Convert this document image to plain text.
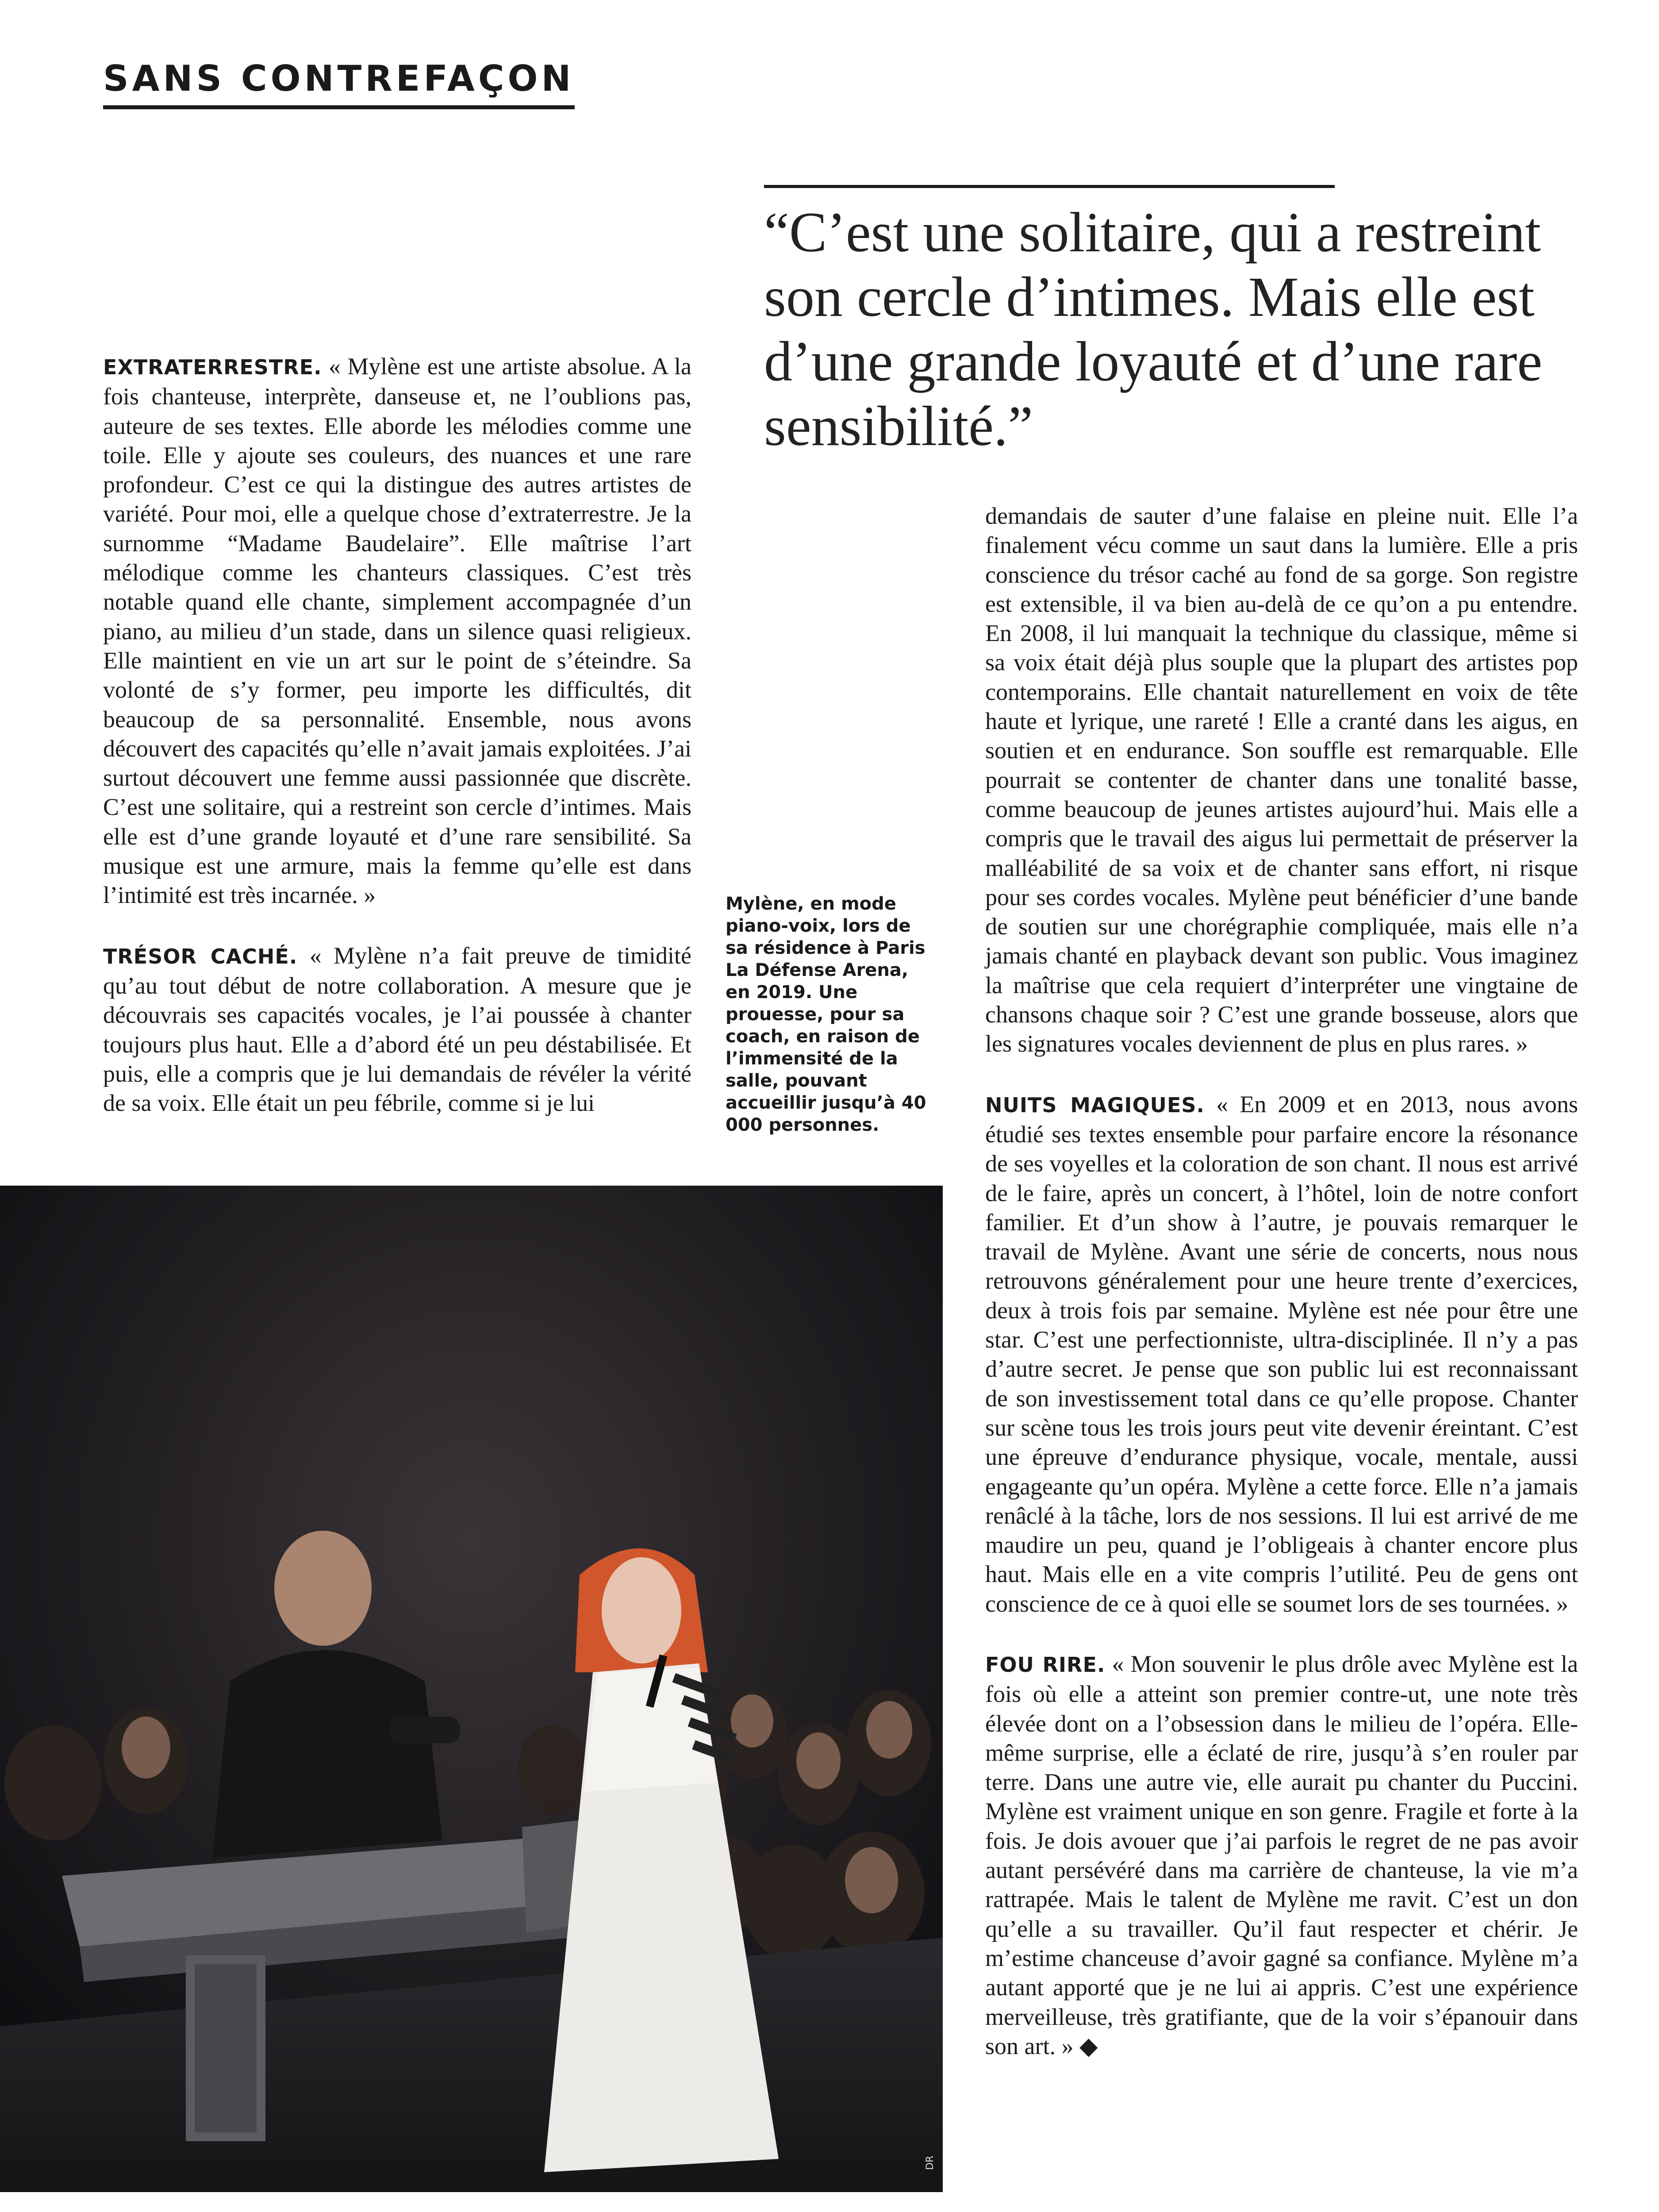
SANS CONTREFAÇON
“C’est une solitaire, qui a restreint son cercle d’intimes. Mais elle est d’une grande loyauté et d’une rare sensibilité.”

EXTRATERRESTRE. « Mylène est une artiste absolue. A la fois chanteuse, interprète, danseuse et, ne l’oublions pas, auteure de ses textes. Elle aborde les mélodies comme une toile. Elle y ajoute ses couleurs, des nuances et une rare profondeur. C’est ce qui la distingue des autres artistes de variété. Pour moi, elle a quelque chose d’extraterrestre. Je la surnomme “Madame Baudelaire”. Elle maîtrise l’art mélodique comme les chanteurs classiques. C’est très notable quand elle chante, simplement accompagnée d’un piano, au milieu d’un stade, dans un silence quasi religieux. Elle maintient en vie un art sur le point de s’éteindre. Sa volonté de s’y former, peu importe les difficultés, dit beaucoup de sa personnalité. Ensemble, nous avons découvert des capacités qu’elle n’avait jamais exploitées. J’ai surtout découvert une femme aussi passionnée que discrète. C’est une solitaire, qui a restreint son cercle d’intimes. Mais elle est d’une grande loyauté et d’une rare sensibilité. Sa musique est une armure, mais la femme qu’elle est dans l’intimité est très incarnée. »

TRÉSOR CACHÉ. « Mylène n’a fait preuve de timidité qu’au tout début de notre collaboration. A mesure que je découvrais ses capacités vocales, je l’ai poussée à chanter toujours plus haut. Elle a d’abord été un peu déstabilisée. Et puis, elle a compris que je lui demandais de révéler la vérité de sa voix. Elle était un peu fébrile, comme si je lui

Mylène, en mode piano-voix, lors de sa résidence à Paris La Défense Arena, en 2019. Une prouesse, pour sa coach, en raison de l’immensité de la salle, pouvant accueillir jusqu’à 40 000 personnes.

demandais de sauter d’une falaise en pleine nuit. Elle l’a finalement vécu comme un saut dans la lumière. Elle a pris conscience du trésor caché au fond de sa gorge. Son registre est extensible, il va bien au-delà de ce qu’on a pu entendre. En 2008, il lui manquait la technique du classique, même si sa voix était déjà plus souple que la plupart des artistes pop contemporains. Elle chantait naturellement en voix de tête haute et lyrique, une rareté ! Elle a cranté dans les aigus, en soutien et en endurance. Son souffle est remarquable. Elle pourrait se contenter de chanter dans une tonalité basse, comme beaucoup de jeunes artistes aujourd’hui. Mais elle a compris que le travail des aigus lui permettait de préserver la malléabilité de sa voix et de chanter sans effort, ni risque pour ses cordes vocales. Mylène peut bénéficier d’une bande de soutien sur une chorégraphie compliquée, mais elle n’a jamais chanté en playback devant son public. Vous imaginez la maîtrise que cela requiert d’interpréter une vingtaine de chansons chaque soir ? C’est une grande bosseuse, alors que les signatures vocales deviennent de plus en plus rares. »

NUITS MAGIQUES. « En 2009 et en 2013, nous avons étudié ses textes ensemble pour parfaire encore la résonance de ses voyelles et la coloration de son chant. Il nous est arrivé de le faire, après un concert, à l’hôtel, loin de notre confort familier. Et d’un show à l’autre, je pouvais remarquer le travail de Mylène. Avant une série de concerts, nous nous retrouvons généralement pour une heure trente d’exercices, deux à trois fois par semaine. Mylène est née pour être une star. C’est une perfectionniste, ultra-disciplinée. Il n’y a pas d’autre secret. Je pense que son public lui est reconnaissant de son investissement total dans ce qu’elle propose. Chanter sur scène tous les trois jours peut vite devenir éreintant. C’est une épreuve d’endurance physique, vocale, mentale, aussi engageante qu’un opéra. Mylène a cette force. Elle n’a jamais renâclé à la tâche, lors de nos sessions. Il lui est arrivé de me maudire un peu, quand je l’obligeais à chanter encore plus haut. Mais elle en a vite compris l’utilité. Peu de gens ont conscience de ce à quoi elle se soumet lors de ses tournées. »

FOU RIRE. « Mon souvenir le plus drôle avec Mylène est la fois où elle a atteint son premier contre-ut, une note très élevée dont on a l’obsession dans le milieu de l’opéra. Elle-même surprise, elle a éclaté de rire, jusqu’à s’en rouler par terre. Dans une autre vie, elle aurait pu chanter du Puccini. Mylène est vraiment unique en son genre. Fragile et forte à la fois. Je dois avouer que j’ai parfois le regret de ne pas avoir autant persévéré dans ma carrière de chanteuse, la vie m’a rattrapée. Mais le talent de Mylène me ravit. C’est un don qu’elle a su travailler. Qu’il faut respecter et chérir. Je m’estime chanceuse d’avoir gagné sa confiance. Mylène m’a autant apporté que je ne lui ai appris. C’est une expérience merveilleuse, très gratifiante, que de la voir s’épanouir dans son art. » ◆

DR
